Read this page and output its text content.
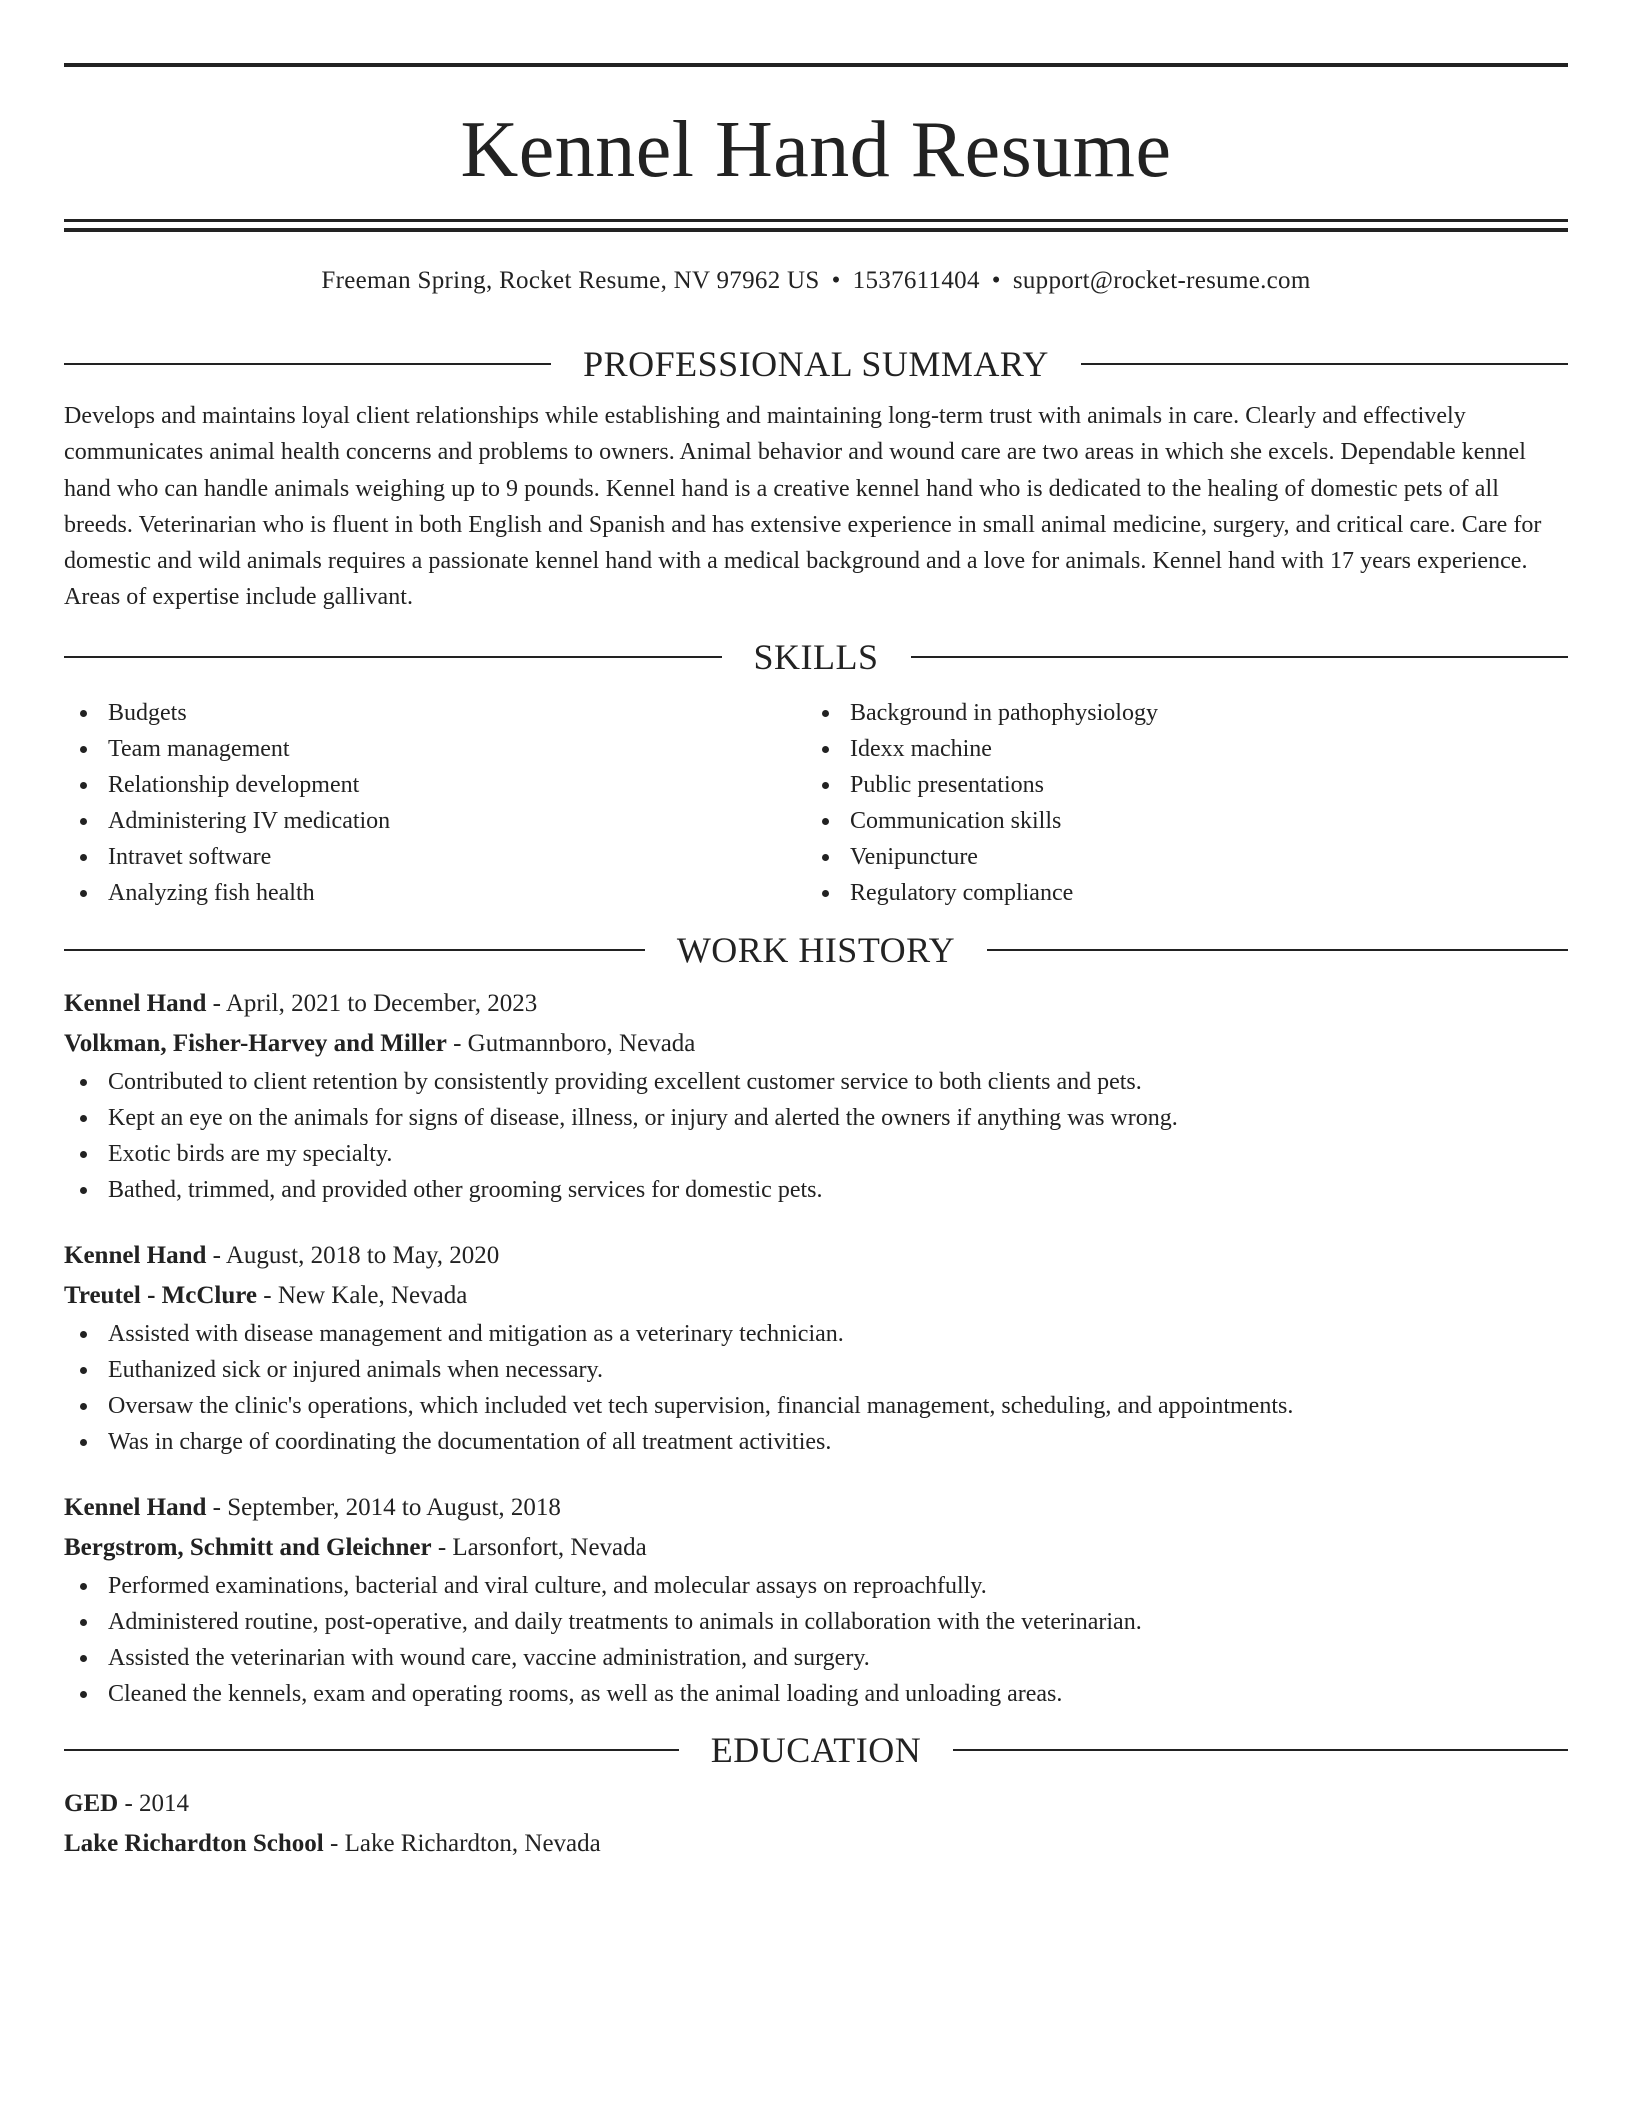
Kennel Hand Resume
Freeman Spring, Rocket Resume, NV 97962 US • 1537611404 • support@rocket-resume.com
PROFESSIONAL SUMMARY
Develops and maintains loyal client relationships while establishing and maintaining long-term trust with animals in care. Clearly and effectively communicates animal health concerns and problems to owners. Animal behavior and wound care are two areas in which she excels. Dependable kennel hand who can handle animals weighing up to 9 pounds. Kennel hand is a creative kennel hand who is dedicated to the healing of domestic pets of all breeds. Veterinarian who is fluent in both English and Spanish and has extensive experience in small animal medicine, surgery, and critical care. Care for domestic and wild animals requires a passionate kennel hand with a medical background and a love for animals. Kennel hand with 17 years experience. Areas of expertise include gallivant.
SKILLS
Budgets
Team management
Relationship development
Administering IV medication
Intravet software
Analyzing fish health
Background in pathophysiology
Idexx machine
Public presentations
Communication skills
Venipuncture
Regulatory compliance
WORK HISTORY
Kennel Hand - April, 2021 to December, 2023
Volkman, Fisher-Harvey and Miller - Gutmannboro, Nevada
Contributed to client retention by consistently providing excellent customer service to both clients and pets.
Kept an eye on the animals for signs of disease, illness, or injury and alerted the owners if anything was wrong.
Exotic birds are my specialty.
Bathed, trimmed, and provided other grooming services for domestic pets.
Kennel Hand - August, 2018 to May, 2020
Treutel - McClure - New Kale, Nevada
Assisted with disease management and mitigation as a veterinary technician.
Euthanized sick or injured animals when necessary.
Oversaw the clinic's operations, which included vet tech supervision, financial management, scheduling, and appointments.
Was in charge of coordinating the documentation of all treatment activities.
Kennel Hand - September, 2014 to August, 2018
Bergstrom, Schmitt and Gleichner - Larsonfort, Nevada
Performed examinations, bacterial and viral culture, and molecular assays on reproachfully.
Administered routine, post-operative, and daily treatments to animals in collaboration with the veterinarian.
Assisted the veterinarian with wound care, vaccine administration, and surgery.
Cleaned the kennels, exam and operating rooms, as well as the animal loading and unloading areas.
EDUCATION
GED - 2014
Lake Richardton School - Lake Richardton, Nevada
